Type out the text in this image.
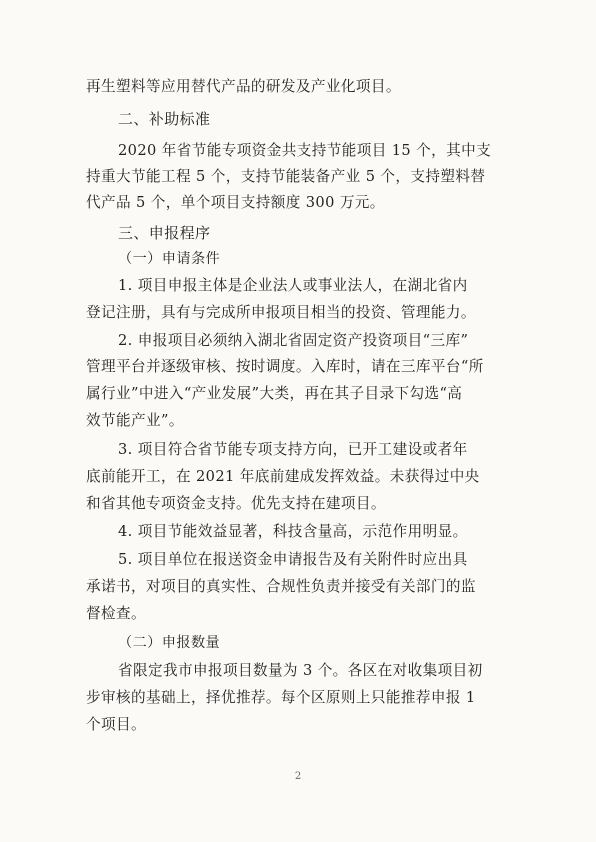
再生塑料等应用替代产品的研发及产业化项目。
二、补助标准
2020 年省节能专项资金共支持节能项目 15 个，其中支
持重大节能工程 5 个，支持节能装备产业 5 个，支持塑料替
代产品 5 个，单个项目支持额度 300 万元。
三、申报程序
（一）申请条件
1. 项目申报主体是企业法人或事业法人，在湖北省内
登记注册，具有与完成所申报项目相当的投资、管理能力。
2. 申报项目必须纳入湖北省固定资产投资项目“三库”
管理平台并逐级审核、按时调度。入库时，请在三库平台“所
属行业”中进入“产业发展”大类，再在其子目录下勾选“高
效节能产业”。
3. 项目符合省节能专项支持方向，已开工建设或者年
底前能开工，在 2021 年底前建成发挥效益。未获得过中央
和省其他专项资金支持。优先支持在建项目。
4. 项目节能效益显著，科技含量高，示范作用明显。
5. 项目单位在报送资金申请报告及有关附件时应出具
承诺书，对项目的真实性、合规性负责并接受有关部门的监
督检查。
（二）申报数量
省限定我市申报项目数量为 3 个。各区在对收集项目初
步审核的基础上，择优推荐。每个区原则上只能推荐申报 1
个项目。
2
